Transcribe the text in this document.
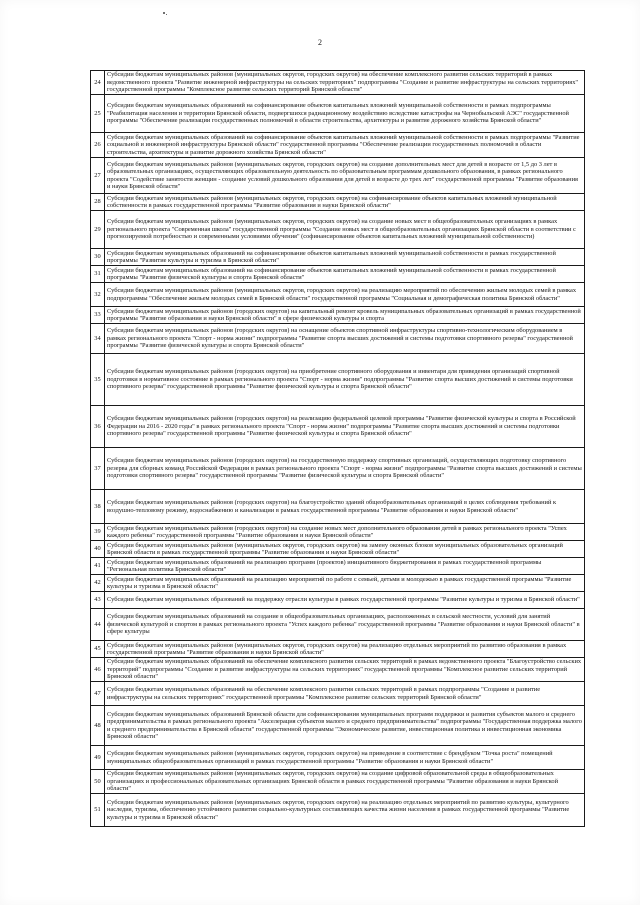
2
24	Субсидии бюджетам муниципальных районов (муниципальных округов, городских округов) на обеспечение комплексного развития сельских территорий в рамках ведомственного проекта "Развитие инженерной инфраструктуры на сельских территориях" подпрограммы "Создание и развитие инфраструктуры на сельских территориях" государственной программы "Комплексное развитие сельских территорий Брянской области"
25	Субсидии бюджетам муниципальных образований на софинансирование объектов капитальных вложений муниципальной собственности в рамках подпрограммы "Реабилитация населения и территории Брянской области, подвергшихся радиационному воздействию вследствие катастрофы на Чернобыльской АЭС" государственной программы "Обеспечение реализации государственных полномочий в области строительства, архитектуры и развитие дорожного хозяйства Брянской области"
26	Субсидии бюджетам муниципальных образований на софинансирование объектов капитальных вложений муниципальной собственности в рамках подпрограммы "Развитие социальной и инженерной инфраструктуры Брянской области" государственной программы "Обеспечение реализации государственных полномочий в области строительства, архитектуры и развитие дорожного хозяйства Брянской области"
27	Субсидии бюджетам муниципальных районов (муниципальных округов, городских округов) на создание дополнительных мест для детей в возрасте от 1,5 до 3 лет в образовательных организациях, осуществляющих образовательную деятельность по образовательным программам дошкольного образования, в рамках регионального проекта "Содействие занятости женщин - создание условий дошкольного образования для детей в возрасте до трех лет" государственной программы "Развитие образования и науки Брянской области"
28	Субсидии бюджетам муниципальных районов (муниципальных округов, городских округов) на софинансирование объектов капитальных вложений муниципальной собственности в рамках государственной программы "Развитие образования и науки Брянской области"
29	Субсидии бюджетам муниципальных районов (муниципальных округов, городских округов) на создание новых мест в общеобразовательных организациях в рамках регионального проекта "Современная школа" государственной программы "Создание новых мест в общеобразовательных организациях Брянской области в соответствии с прогнозируемой потребностью и современными условиями обучения" (софинансирование объектов капитальных вложений муниципальной собственности)
30	Субсидии бюджетам муниципальных образований на софинансирование объектов капитальных вложений муниципальной собственности в рамках государственной программы "Развитие культуры и туризма в Брянской области"
31	Субсидии бюджетам муниципальных образований на софинансирование объектов капитальных вложений муниципальной собственности в рамках государственной программы "Развитие физической культуры и спорта Брянской области"
32	Субсидии бюджетам муниципальных районов (муниципальных округов, городских округов) на реализацию мероприятий по обеспечению жильем молодых семей в рамках подпрограммы "Обеспечение жильем молодых семей в Брянской области" государственной программы "Социальная и демографическая политика Брянской области"
33	Субсидии бюджетам муниципальных районов (городских округов) на капитальный ремонт кровель муниципальных образовательных организаций в рамках государственной программы "Развитие образования и науки Брянской области" в сфере физической культуры и спорта
34	Субсидии бюджетам муниципальных районов (городских округов) на оснащение объектов спортивной инфраструктуры спортивно-технологическим оборудованием в рамках регионального проекта "Спорт - норма жизни" подпрограммы "Развитие спорта высших достижений и системы подготовки спортивного резерва" государственной программы "Развитие физической культуры и спорта Брянской области"
35	Субсидии бюджетам муниципальных районов (городских округов) на приобретение спортивного оборудования и инвентаря для приведения организаций спортивной подготовки в нормативное состояние в рамках регионального проекта "Спорт - норма жизни" подпрограммы "Развитие спорта высших достижений и системы подготовки спортивного резерва" государственной программы "Развитие физической культуры и спорта Брянской области"
36	Субсидии бюджетам муниципальных районов (городских округов) на реализацию федеральной целевой программы "Развитие физической культуры и спорта в Российской Федерации на 2016 - 2020 годы" в рамках регионального проекта "Спорт - норма жизни" подпрограммы "Развитие спорта высших достижений и системы подготовки спортивного резерва" государственной программы "Развитие физической культуры и спорта Брянской области"
37	Субсидии бюджетам муниципальных районов (городских округов) на государственную поддержку спортивных организаций, осуществляющих подготовку спортивного резерва для сборных команд Российской Федерации в рамках регионального проекта "Спорт - норма жизни" подпрограммы "Развитие спорта высших достижений и системы подготовки спортивного резерва" государственной программы "Развитие физической культуры и спорта Брянской области"
38	Субсидии бюджетам муниципальных районов (городских округов) на благоустройство зданий общеобразовательных организаций в целях соблюдения требований к воздушно-тепловому режиму, водоснабжению и канализации в рамках государственной программы "Развитие образования и науки Брянской области"
39	Субсидии бюджетам муниципальных районов (городских округов) на создание новых мест дополнительного образования детей в рамках регионального проекта "Успех каждого ребенка" государственной программы "Развитие образования и науки Брянской области"
40	Субсидии бюджетам муниципальных районов (муниципальных округов, городских округов) на замену оконных блоков муниципальных образовательных организаций Брянской области в рамках государственной программы "Развитие образования и науки Брянской области"
41	Субсидии бюджетам муниципальных образований на реализацию программ (проектов) инициативного бюджетирования в рамках государственной программы "Региональная политика Брянской области"
42	Субсидии бюджетам муниципальных образований на реализацию мероприятий по работе с семьей, детьми и молодежью в рамках государственной программы "Развитие культуры и туризма в Брянской области"
43	Субсидии бюджетам муниципальных образований на поддержку отрасли культуры в рамках государственной программы "Развитие культуры и туризма в Брянской области"
44	Субсидии бюджетам муниципальных образований на создание в общеобразовательных организациях, расположенных в сельской местности, условий для занятий физической культурой и спортом в рамках регионального проекта "Успех каждого ребенка" государственной программы "Развитие образования и науки Брянской области" в сфере культуры
45	Субсидии бюджетам муниципальных районов (муниципальных округов, городских округов) на реализацию отдельных мероприятий по развитию образования в рамках государственной программы "Развитие образования и науки Брянской области"
46	Субсидии бюджетам муниципальных образований на обеспечение комплексного развития сельских территорий в рамках ведомственного проекта "Благоустройство сельских территорий" подпрограммы "Создание и развитие инфраструктуры на сельских территориях" государственной программы "Комплексное развитие сельских территорий Брянской области"
47	Субсидии бюджетам муниципальных образований на обеспечение комплексного развития сельских территорий в рамках подпрограммы "Создание и развитие инфраструктуры на сельских территориях" государственной программы "Комплексное развитие сельских территорий Брянской области"
48	Субсидии бюджетам муниципальных образований Брянской области для софинансирования муниципальных программ поддержки и развития субъектов малого и среднего предпринимательства в рамках регионального проекта "Акселерация субъектов малого и среднего предпринимательства" подпрограммы "Государственная поддержка малого и среднего предпринимательства в Брянской области" государственной программы "Экономическое развитие, инвестиционная политика и инвестиционная экономика Брянской области"
49	Субсидии бюджетам муниципальных районов (муниципальных округов, городских округов) на приведение в соответствие с брендбуком "Точка роста" помещений муниципальных общеобразовательных организаций в рамках государственной программы "Развитие образования и науки Брянской области"
50	Субсидии бюджетам муниципальных районов (муниципальных округов, городских округов) на создание цифровой образовательной среды в общеобразовательных организациях и профессиональных образовательных организациях Брянской области в рамках государственной программы "Развитие образования и науки Брянской области"
51	Субсидии бюджетам муниципальных районов (муниципальных округов, городских округов) на реализацию отдельных мероприятий по развитию культуры, культурного наследия, туризма, обеспечению устойчивого развития социально-культурных составляющих качества жизни населения в рамках государственной программы "Развитие культуры и туризма в Брянской области"
